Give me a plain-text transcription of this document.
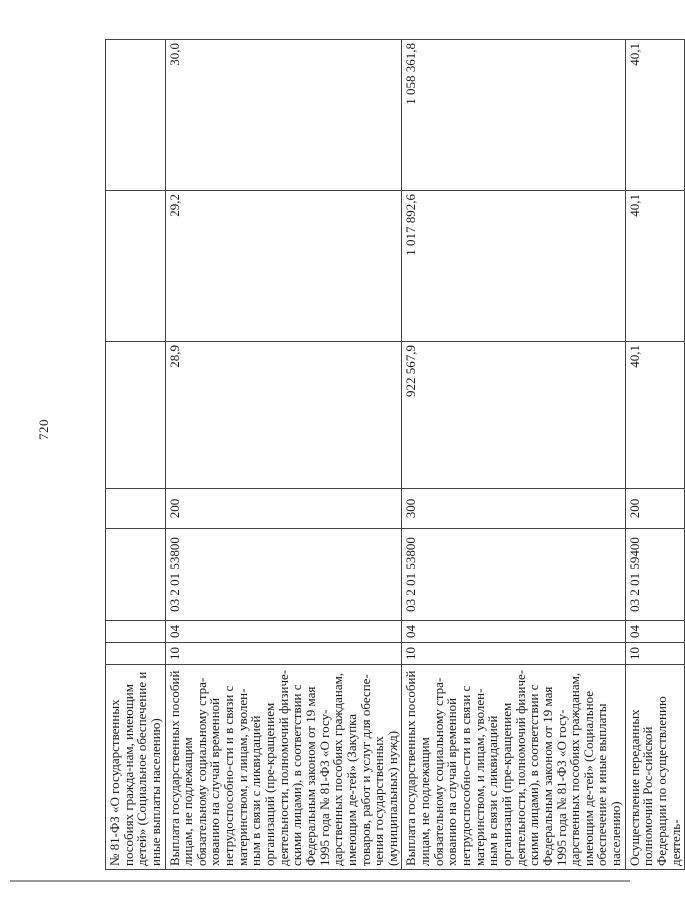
720
№ 81-ФЗ «О государственных пособиях гражда-нам, имеющим детей» (Социальное обеспечение и иные выплаты населению)							
Выплата государственных пособий лицам, не подлежащим обязательному социальному стра-хованию на случай временной нетрудоспособно-сти и в связи с материнством, и лицам, уволен-ным в связи с ликвидацией организаций (пре-кращением деятельности, полномочий физиче-скими лицами), в соответствии с Федеральным законом от 19 мая 1995 года № 81-ФЗ «О госу-дарственных пособиях гражданам, имеющим де-тей» (Закупка товаров, работ и услуг для обеспе-чения государственных (муниципальных) нужд)	10	04	03 2 01 53800	200	28,9	29,2	30,0
Выплата государственных пособий лицам, не подлежащим обязательному социальному стра-хованию на случай временной нетрудоспособно-сти и в связи с материнством, и лицам, уволен-ным в связи с ликвидацией организаций (пре-кращением деятельности, полномочий физиче-скими лицами), в соответствии с Федеральным законом от 19 мая 1995 года № 81-ФЗ «О госу-дарственных пособиях гражданам, имеющим де-тей» (Социальное обеспечение и иные выплаты населению)	10	04	03 2 01 53800	300	922 567,9	1 017 892,6	1 058 361,8
Осуществление переданных полномочий Рос-сийской Федерации по осуществлению деятель-	10	04	03 2 01 59400	200	40,1	40,1	40,1
